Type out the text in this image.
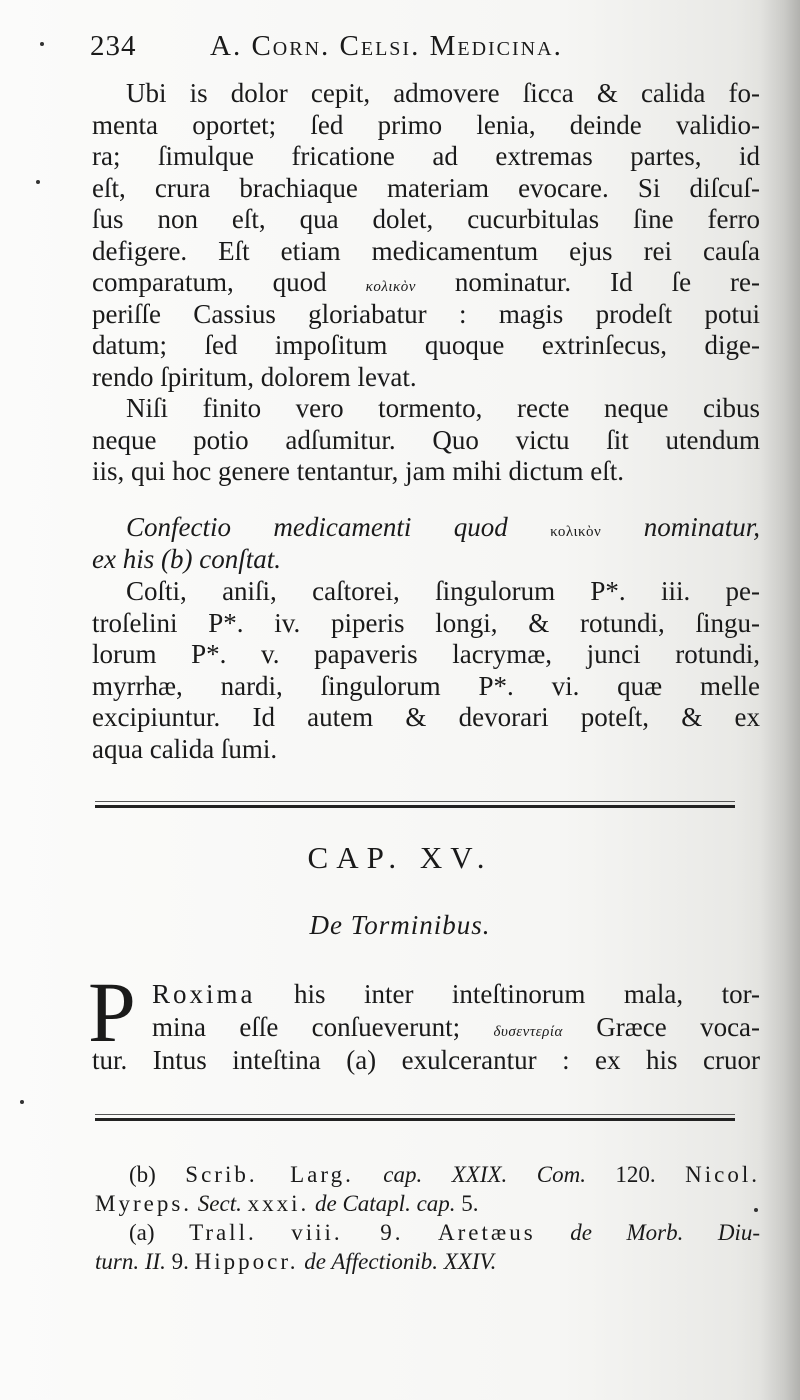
234	A. Corn. Celsi. Medicina.
Ubi is dolor cepit, admovere ſicca & calida fo-
menta oportet; ſed primo lenia, deinde validio-
ra; ſimulque fricatione ad extremas partes, id
eſt, crura brachiaque materiam evocare. Si diſcuſ-
ſus non eſt, qua dolet, cucurbitulas ſine ferro
defigere. Eſt etiam medicamentum ejus rei cauſa
comparatum, quod	κολικὸν nominatur. Id ſe re-
periſſe Cassius gloriabatur : magis prodeſt potui
datum; ſed impoſitum quoque extrinſecus, dige-
rendo ſpiritum, dolorem levat.
Niſi finito vero tormento, recte neque cibus
neque potio adſumitur. Quo victu ſit utendum
iis, qui hoc genere tentantur, jam mihi dictum eſt.
Confectio medicamenti quod	κολικὸν nominatur,
ex his (b) conſtat.
Coſti, aniſi, caſtorei, ſingulorum P*. iii. pe-
troſelini P*. iv. piperis longi, & rotundi, ſingu-
lorum P*. v. papaveris lacrymæ, junci rotundi,
myrrhæ, nardi, ſingulorum P*. vi. quæ melle
excipiuntur. Id autem & devorari poteſt, & ex
aqua calida ſumi.
CAP. XV.
De Torminibus.
P Roxima his inter inteſtinorum mala, tor-
mina eſſe conſueverunt; δυσεντερία Græce voca-
tur. Intus inteſtina (a) exulcerantur : ex his cruor
(b) Scrib. Larg. cap. XXIX. Com. 120. Nicol.
Myreps. Sect. xxxi. de Catapl. cap. 5.
(a) Trall. viii. 9. Aretæus de Morb. Diu-
turn. II. 9. Hippocr. de Affectionib. XXIV.
